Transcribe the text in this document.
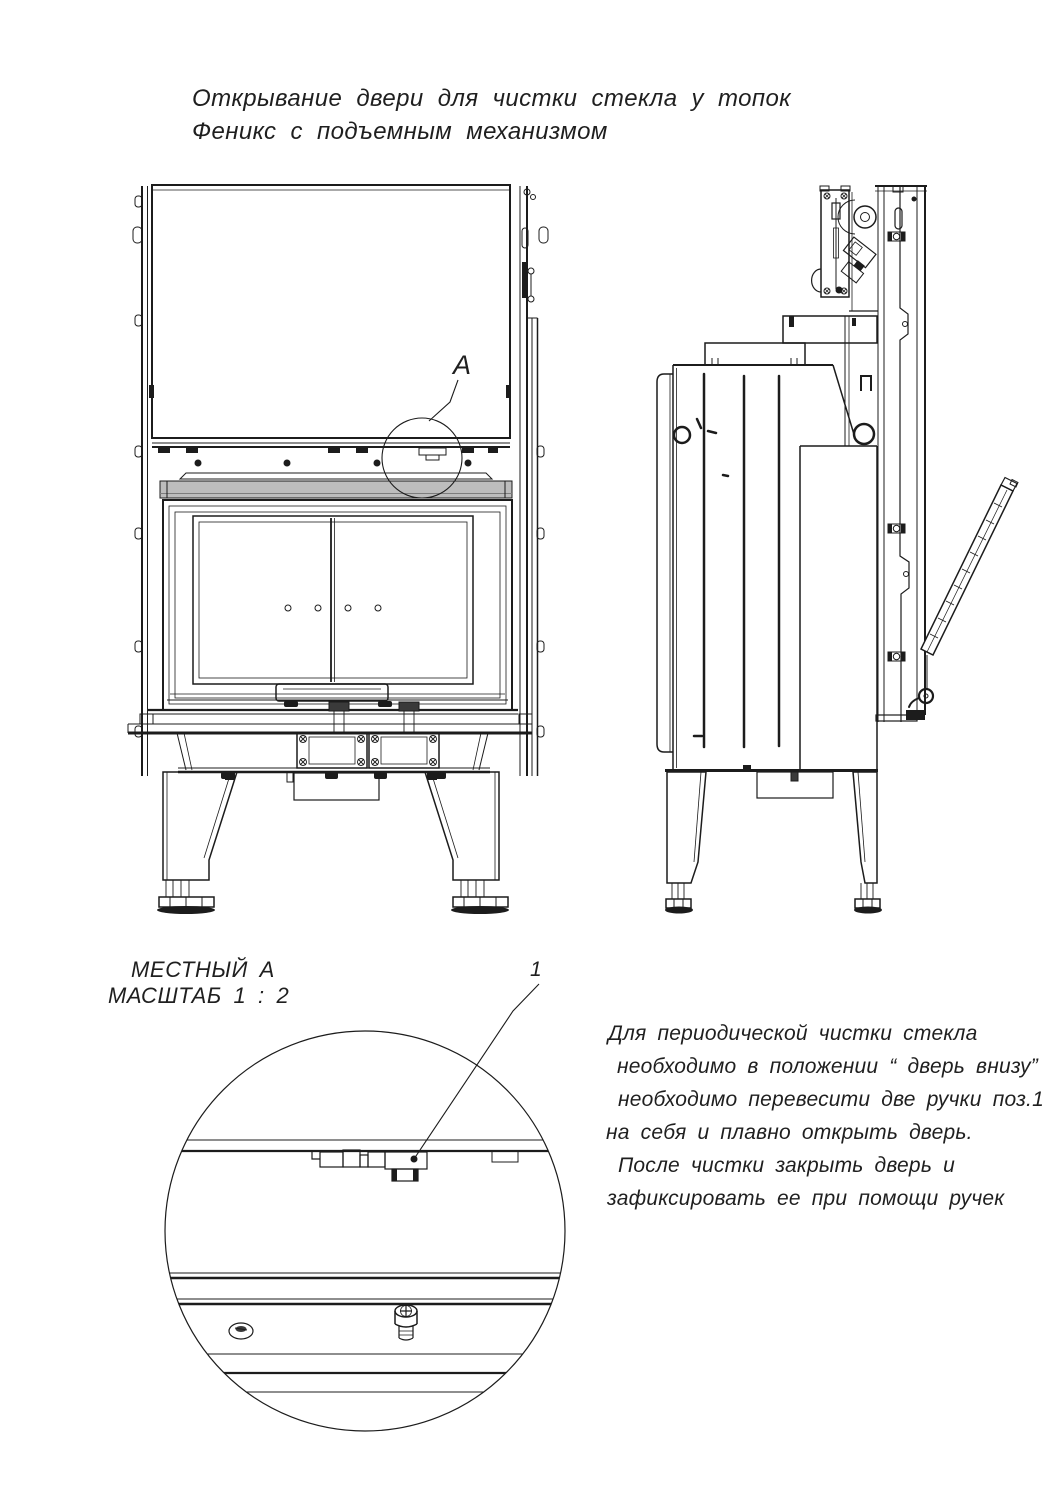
Открывание двери для чистки стекла у топок
Феникс с подъемным механизмом
A
МЕСТНЫЙ А
МАСШТАБ 1 : 2
1
Для периодической чистки стекла
необходимо в положении “ дверь внизу”
необходимо перевесити две ручки поз.1
на себя и плавно открыть дверь.
После чистки закрыть дверь и
зафиксировать ее при помощи ручек
